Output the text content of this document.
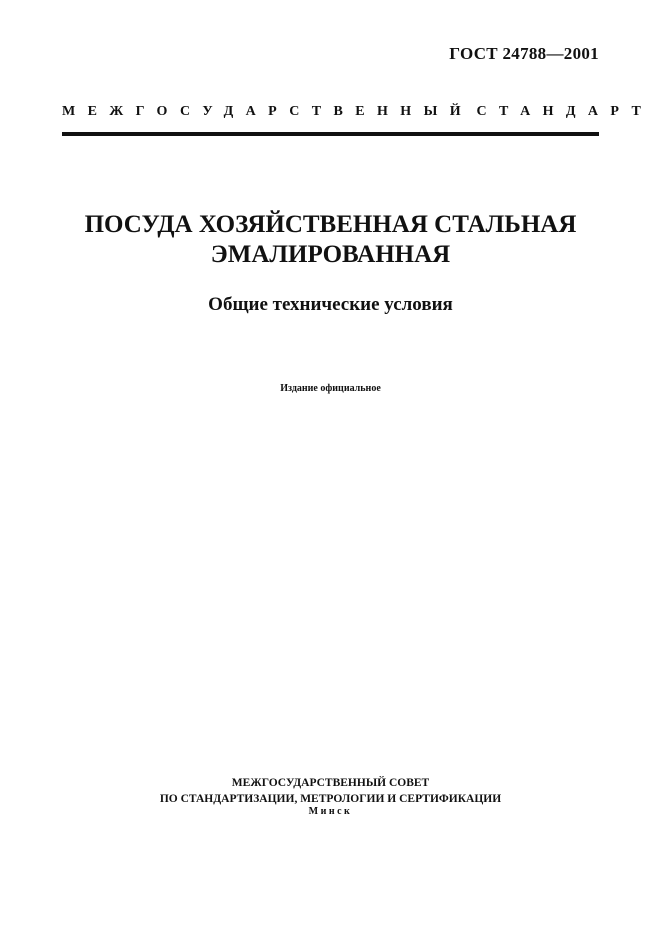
ГОСТ 24788—2001
МЕЖГОСУДАРСТВЕННЫЙ СТАНДАРТ
ПОСУДА ХОЗЯЙСТВЕННАЯ СТАЛЬНАЯ
ЭМАЛИРОВАННАЯ
Общие технические условия
Издание официальное
МЕЖГОСУДАРСТВЕННЫЙ СОВЕТ
ПО СТАНДАРТИЗАЦИИ, МЕТРОЛОГИИ И СЕРТИФИКАЦИИ
Минск
